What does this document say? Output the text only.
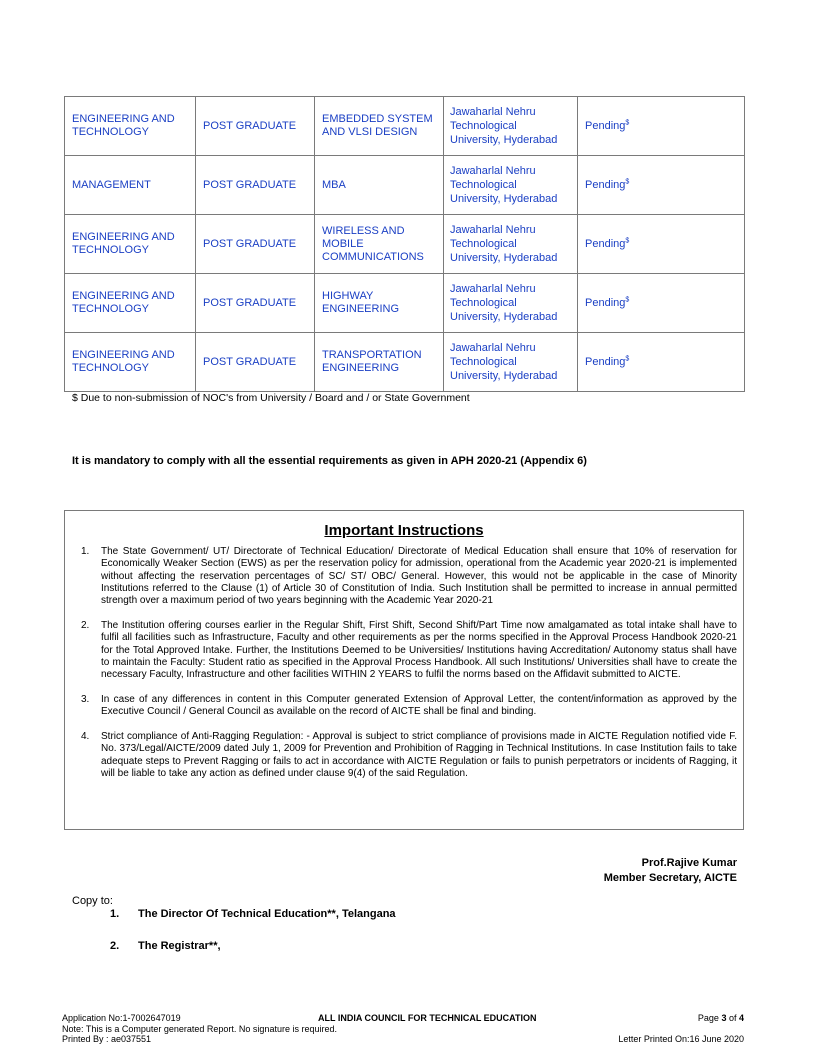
ENGINEERING AND TECHNOLOGY	POST GRADUATE	EMBEDDED SYSTEM AND VLSI DESIGN	Jawaharlal Nehru Technological University, Hyderabad	Pending$
MANAGEMENT	POST GRADUATE	MBA	Jawaharlal Nehru Technological University, Hyderabad	Pending$
ENGINEERING AND TECHNOLOGY	POST GRADUATE	WIRELESS AND MOBILE COMMUNICATIONS	Jawaharlal Nehru Technological University, Hyderabad	Pending$
ENGINEERING AND TECHNOLOGY	POST GRADUATE	HIGHWAY ENGINEERING	Jawaharlal Nehru Technological University, Hyderabad	Pending$
ENGINEERING AND TECHNOLOGY	POST GRADUATE	TRANSPORTATION ENGINEERING	Jawaharlal Nehru Technological University, Hyderabad	Pending$
$ Due to non-submission of NOC's from University / Board and / or State Government
It is mandatory to comply with all the essential requirements as given in APH 2020-21 (Appendix 6)
Important Instructions
1. The State Government/ UT/ Directorate of Technical Education/ Directorate of Medical Education shall ensure that 10% of reservation for Economically Weaker Section (EWS) as per the reservation policy for admission, operational from the Academic year 2020-21 is implemented without affecting the reservation percentages of SC/ ST/ OBC/ General. However, this would not be applicable in the case of Minority Institutions referred to the Clause (1) of Article 30 of Constitution of India. Such Institution shall be permitted to increase in annual permitted strength over a maximum period of two years beginning with the Academic Year 2020-21
2. The Institution offering courses earlier in the Regular Shift, First Shift, Second Shift/Part Time now amalgamated as total intake shall have to fulfil all facilities such as Infrastructure, Faculty and other requirements as per the norms specified in the Approval Process Handbook 2020-21 for the Total Approved Intake. Further, the Institutions Deemed to be Universities/ Institutions having Accreditation/ Autonomy status shall have to maintain the Faculty: Student ratio as specified in the Approval Process Handbook. All such Institutions/ Universities shall have to create the necessary Faculty, Infrastructure and other facilities WITHIN 2 YEARS to fulfil the norms based on the Affidavit submitted to AICTE.
3. In case of any differences in content in this Computer generated Extension of Approval Letter, the content/information as approved by the Executive Council / General Council as available on the record of AICTE shall be final and binding.
4. Strict compliance of Anti-Ragging Regulation: - Approval is subject to strict compliance of provisions made in AICTE Regulation notified vide F. No. 373/Legal/AICTE/2009 dated July 1, 2009 for Prevention and Prohibition of Ragging in Technical Institutions. In case Institution fails to take adequate steps to Prevent Ragging or fails to act in accordance with AICTE Regulation or fails to punish perpetrators or incidents of Ragging, it will be liable to take any action as defined under clause 9(4) of the said Regulation.
Prof.Rajive Kumar
Member Secretary, AICTE
Copy to:
1. The Director Of Technical Education**, Telangana
2. The Registrar**,
Application No:1-7002647019
Note: This is a Computer generated Report. No signature is required.
Printed By : ae037551
ALL INDIA COUNCIL FOR TECHNICAL EDUCATION	Page 3 of 4
Letter Printed On:16 June 2020
